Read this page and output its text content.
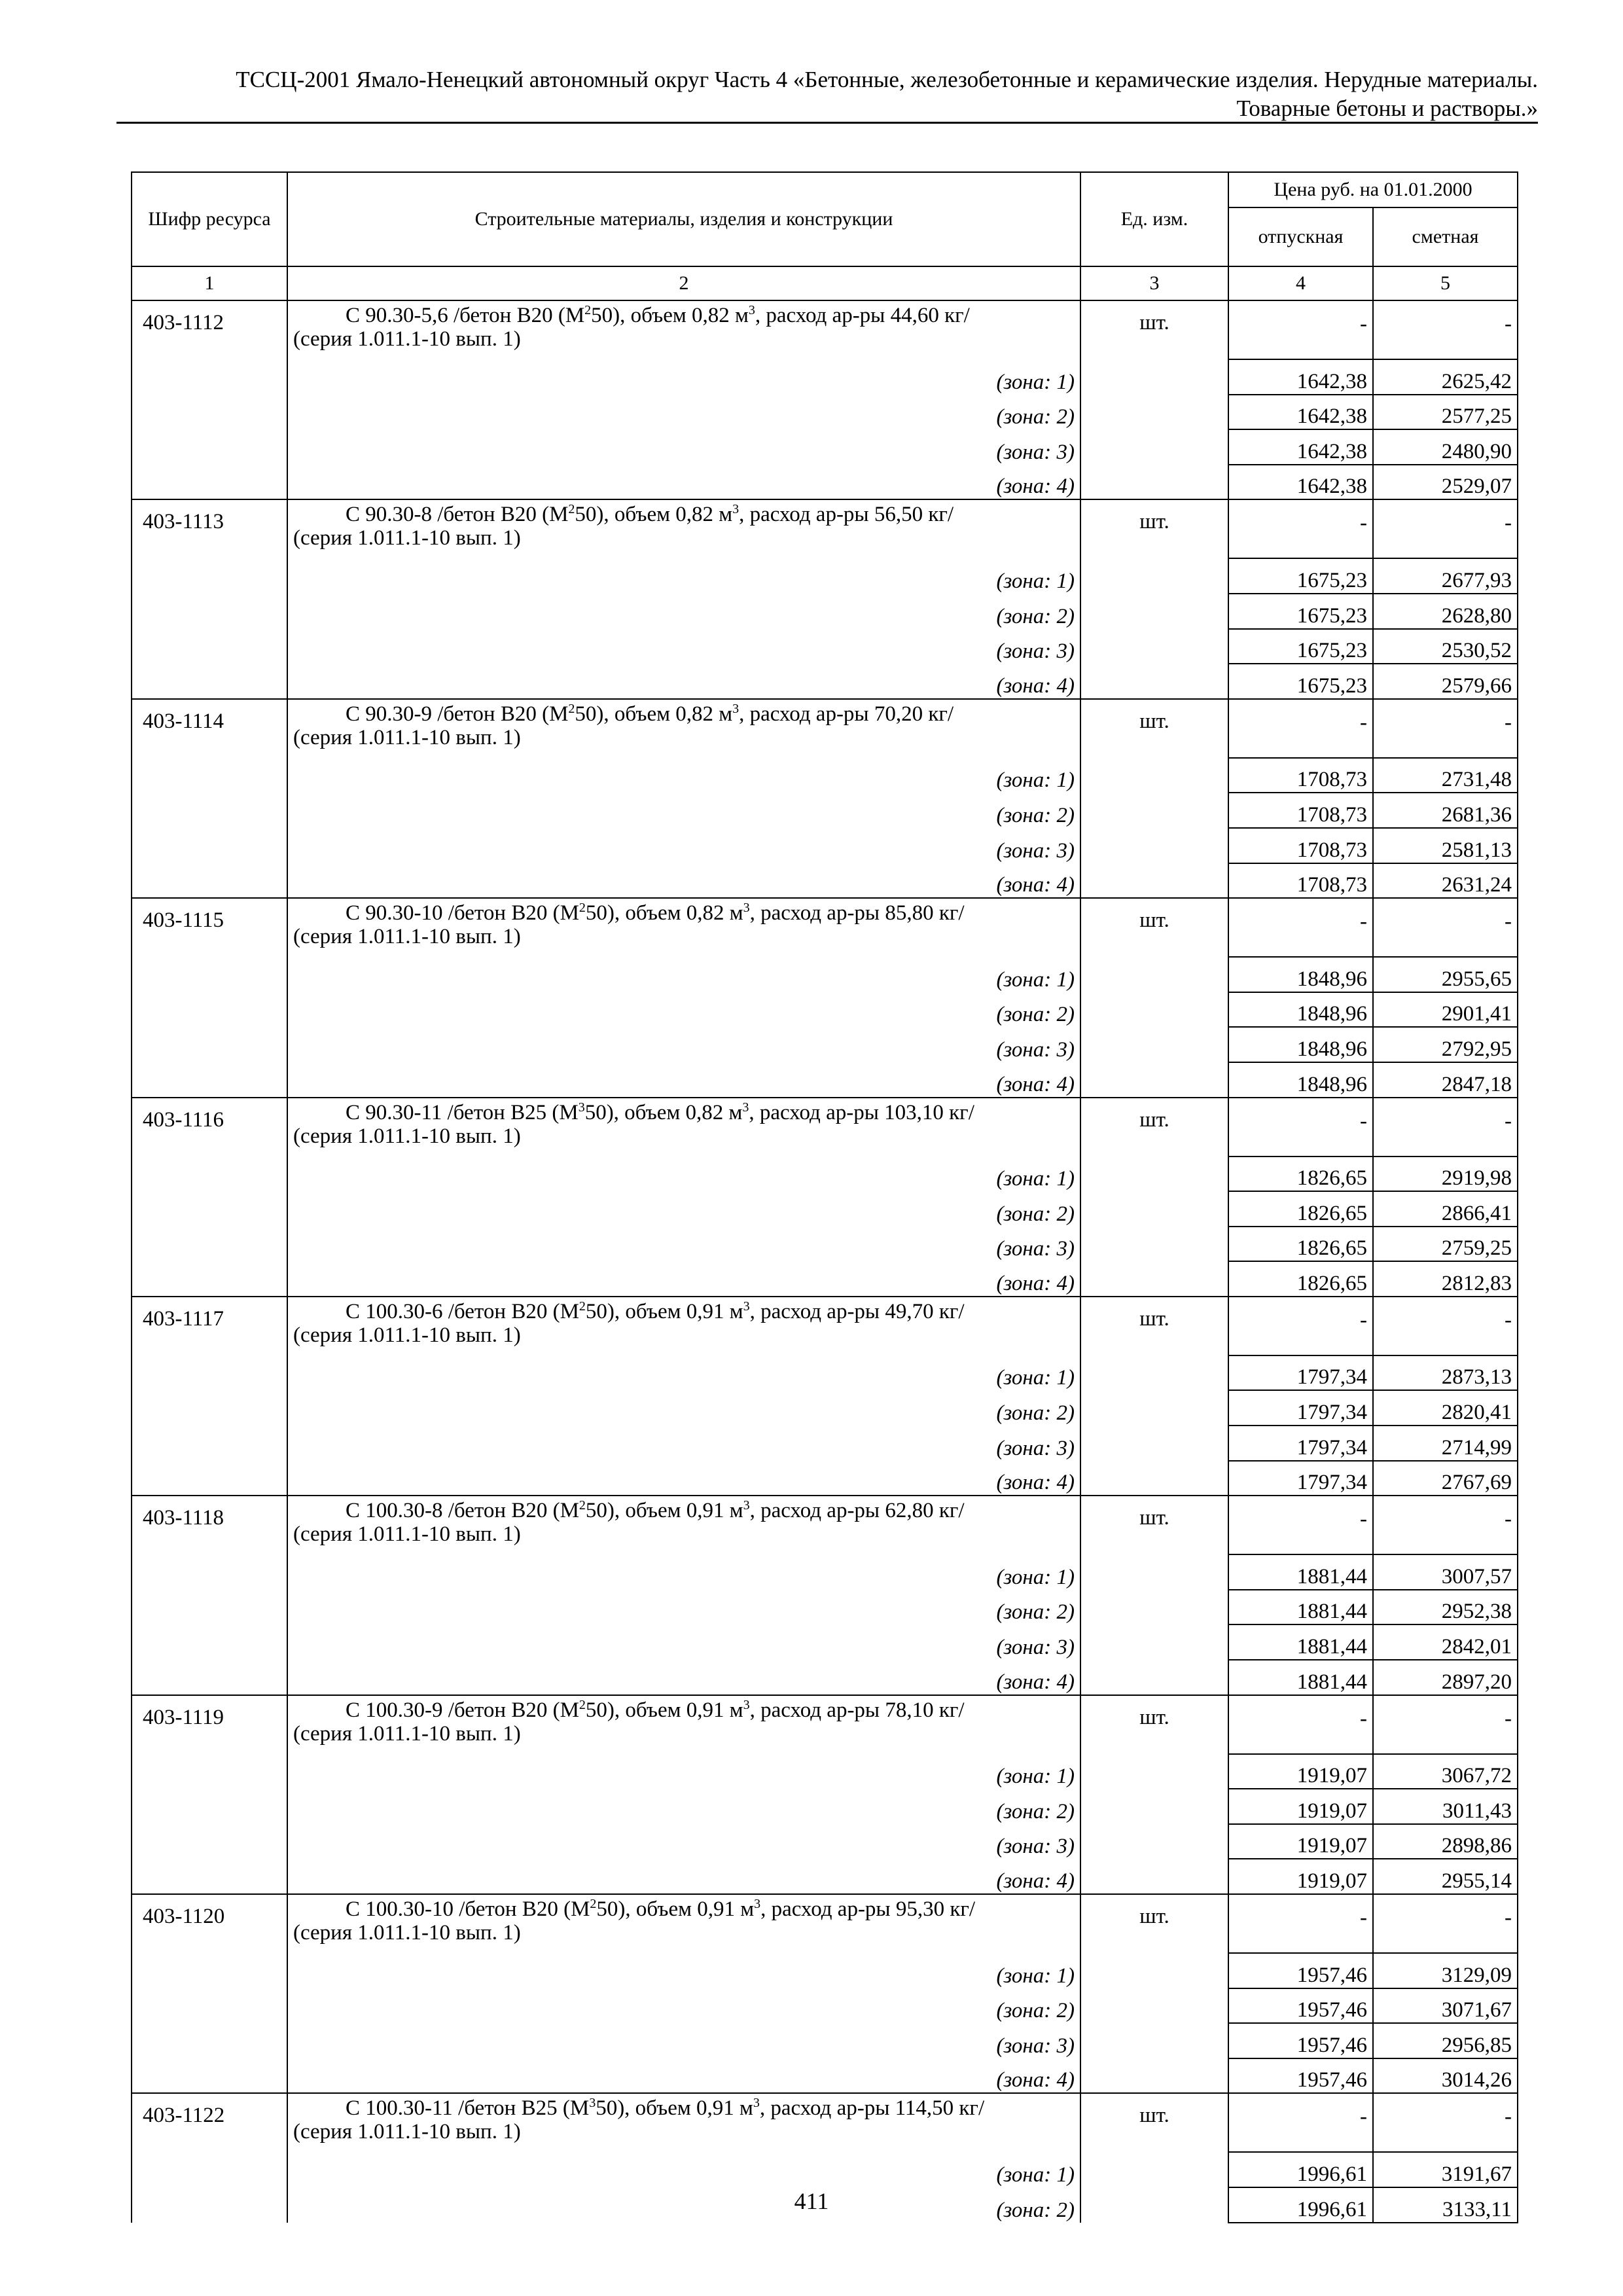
ТССЦ-2001 Ямало-Ненецкий автономный округ Часть 4 «Бетонные, железобетонные и керамические изделия. Нерудные материалы.
Товарные бетоны и растворы.»
Шифр ресурса	Строительные материалы, изделия и конструкции	Ед. изм.	Цена руб. на 01.01.2000	
			отпускная	сметная
1	2	3	4	5
403-1112	С 90.30-5,6 /бетон В20 $(М^250)$, объем 0,82 $м^3$, расход ар-ры 44,60 кг/
(серия 1.011.1-10 вып. 1)	шт.	-	-
	(зона: 1)		1642,38	2625,42
	(зона: 2)		1642,38	2577,25
	(зона: 3)		1642,38	2480,90
	(зона: 4)		1642,38	2529,07
403-1113	С 90.30-8 /бетон В20 $(М^250)$, объем 0,82 $м^3$, расход ар-ры 56,50 кг/
(серия 1.011.1-10 вып. 1)	шт.	-	-
	(зона: 1)		1675,23	2677,93
	(зона: 2)		1675,23	2628,80
	(зона: 3)		1675,23	2530,52
	(зона: 4)		1675,23	2579,66
403-1114	С 90.30-9 /бетон В20 $(М^250)$, объем 0,82 $м^3$, расход ар-ры 70,20 кг/
(серия 1.011.1-10 вып. 1)	шт.	-	-
	(зона: 1)		1708,73	2731,48
	(зона: 2)		1708,73	2681,36
	(зона: 3)		1708,73	2581,13
	(зона: 4)		1708,73	2631,24
403-1115	С 90.30-10 /бетон В20 $(М^250)$, объем 0,82 $м^3$, расход ар-ры 85,80 кг/
(серия 1.011.1-10 вып. 1)	шт.	-	-
	(зона: 1)		1848,96	2955,65
	(зона: 2)		1848,96	2901,41
	(зона: 3)		1848,96	2792,95
	(зона: 4)		1848,96	2847,18
403-1116	С 90.30-11 /бетон В25 $(М^350)$, объем 0,82 $м^3$, расход ар-ры 103,10 кг/
(серия 1.011.1-10 вып. 1)	шт.	-	-
	(зона: 1)		1826,65	2919,98
	(зона: 2)		1826,65	2866,41
	(зона: 3)		1826,65	2759,25
	(зона: 4)		1826,65	2812,83
403-1117	С 100.30-6 /бетон В20 $(М^250)$, объем 0,91 $м^3$, расход ар-ры 49,70 кг/
(серия 1.011.1-10 вып. 1)	шт.	-	-
	(зона: 1)		1797,34	2873,13
	(зона: 2)		1797,34	2820,41
	(зона: 3)		1797,34	2714,99
	(зона: 4)		1797,34	2767,69
403-1118	С 100.30-8 /бетон В20 $(М^250)$, объем 0,91 $м^3$, расход ар-ры 62,80 кг/
(серия 1.011.1-10 вып. 1)	шт.	-	-
	(зона: 1)		1881,44	3007,57
	(зона: 2)		1881,44	2952,38
	(зона: 3)		1881,44	2842,01
	(зона: 4)		1881,44	2897,20
403-1119	С 100.30-9 /бетон В20 $(М^250)$, объем 0,91 $м^3$, расход ар-ры 78,10 кг/
(серия 1.011.1-10 вып. 1)	шт.	-	-
	(зона: 1)		1919,07	3067,72
	(зона: 2)		1919,07	3011,43
	(зона: 3)		1919,07	2898,86
	(зона: 4)		1919,07	2955,14
403-1120	С 100.30-10 /бетон В20 $(М^250)$, объем 0,91 $м^3$, расход ар-ры 95,30 кг/
(серия 1.011.1-10 вып. 1)	шт.	-	-
	(зона: 1)		1957,46	3129,09
	(зона: 2)		1957,46	3071,67
	(зона: 3)		1957,46	2956,85
	(зона: 4)		1957,46	3014,26
403-1122	С 100.30-11 /бетон В25 $(М^350)$, объем 0,91 $м^3$, расход ар-ры 114,50 кг/
(серия 1.011.1-10 вып. 1)	шт.	-	-
	(зона: 1)		1996,61	3191,67
	(зона: 2)		1996,61	3133,11
411
